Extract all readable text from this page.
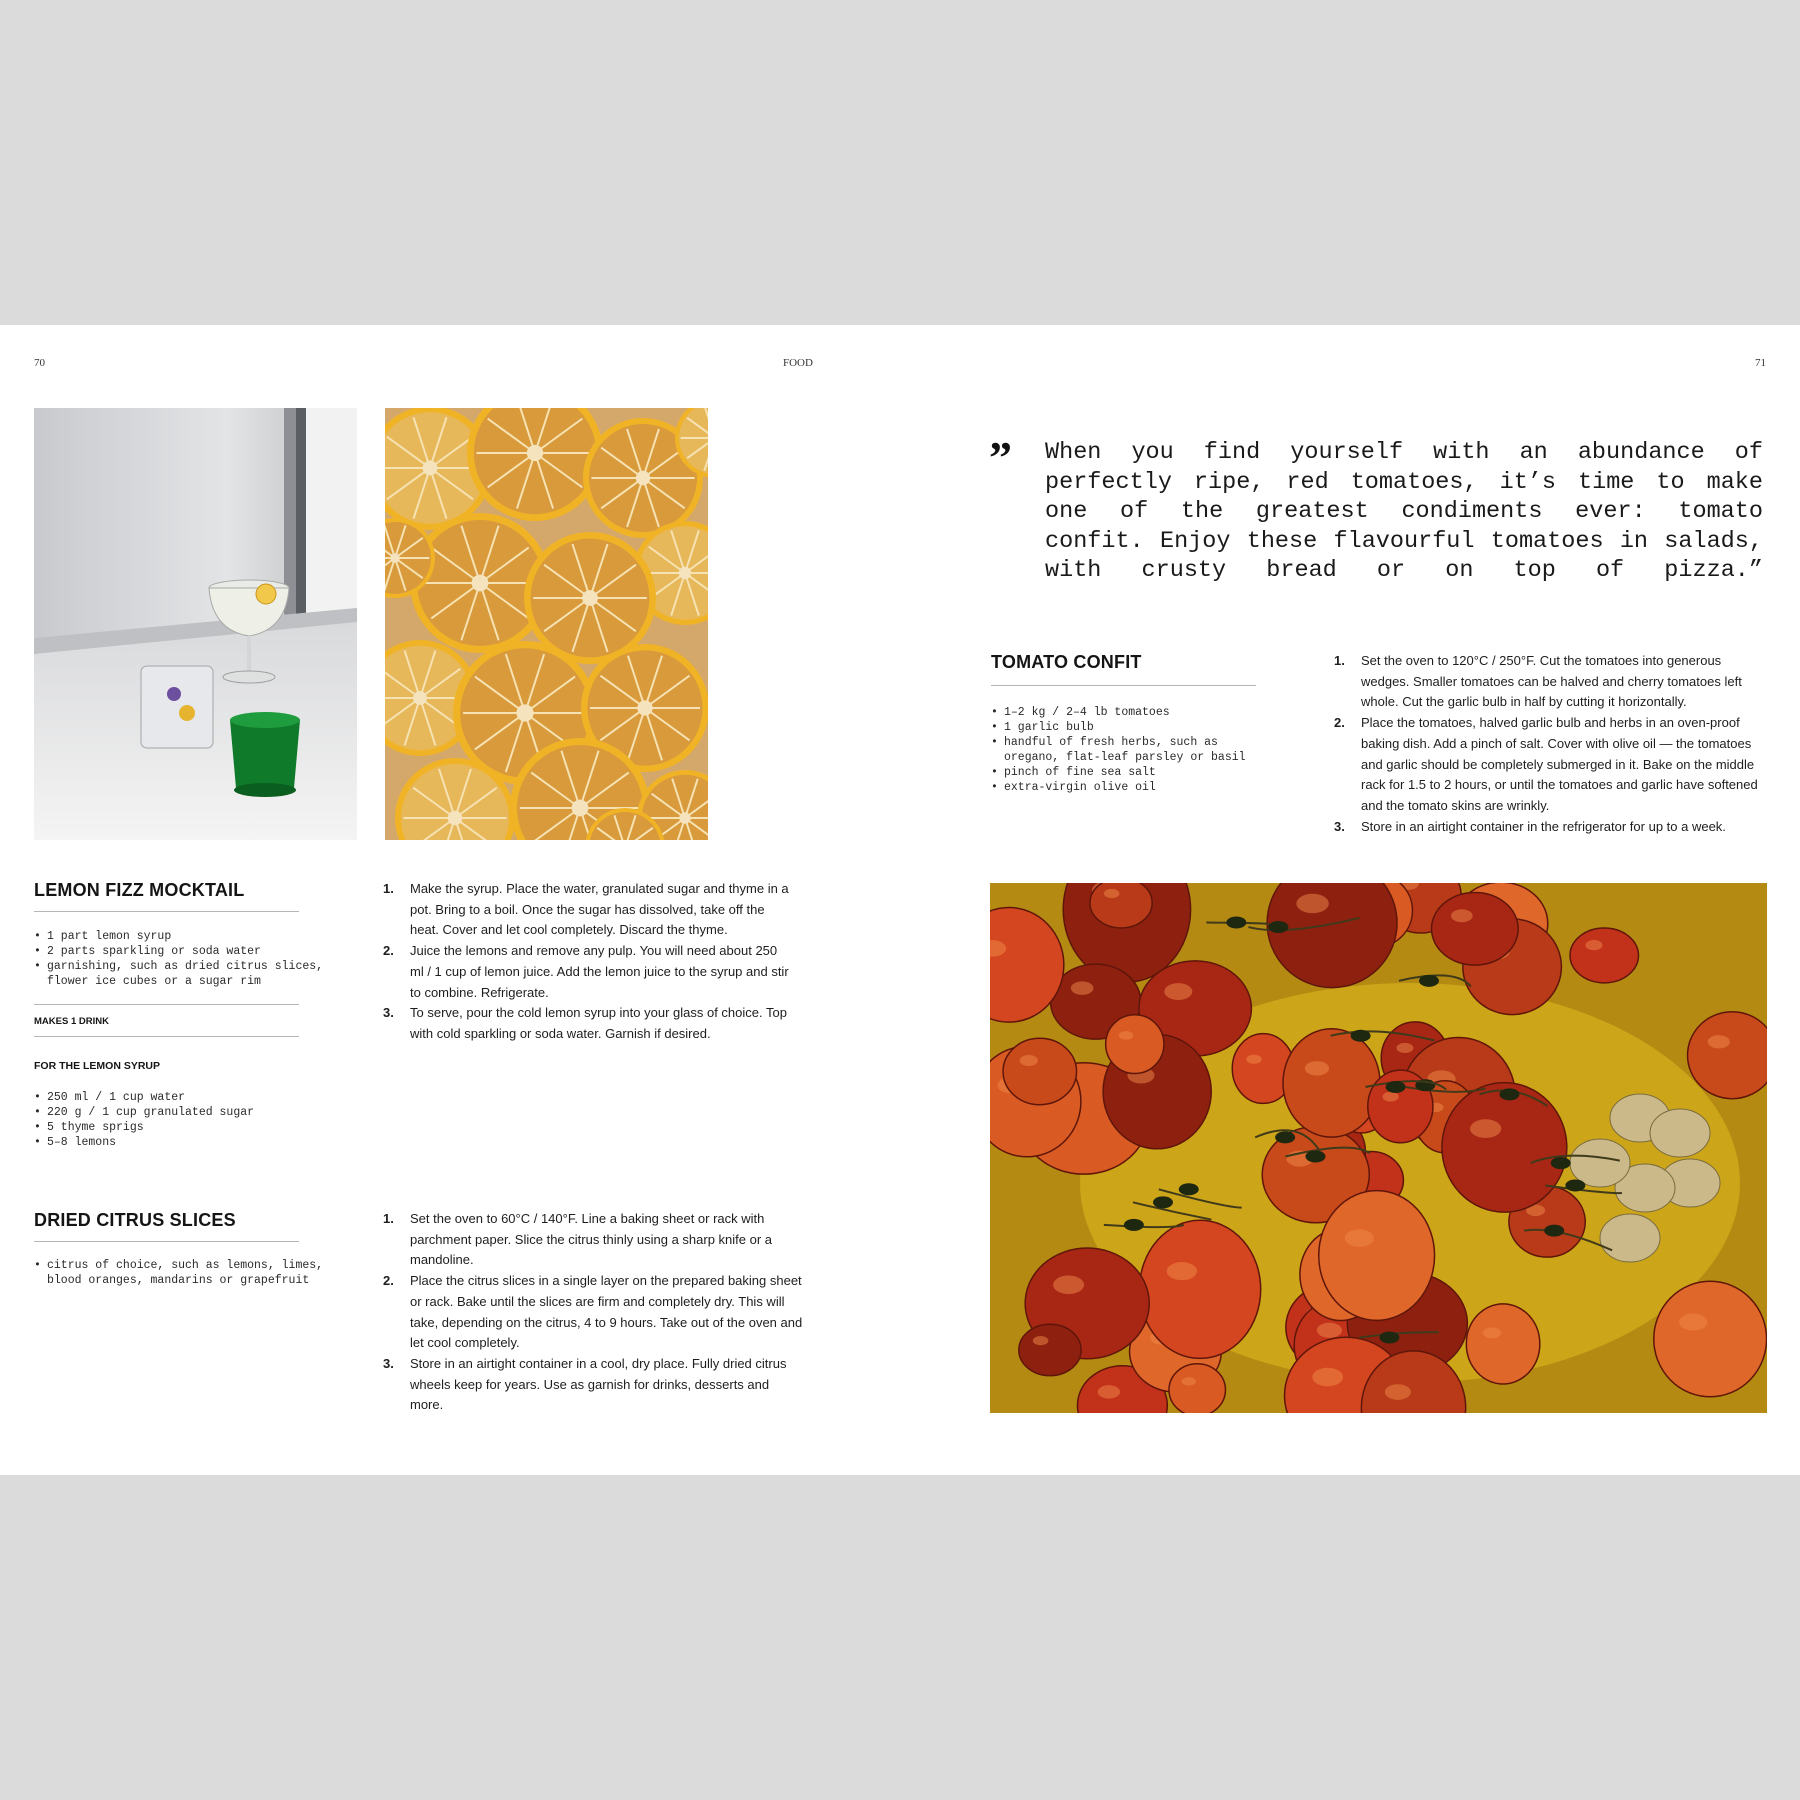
70	FOOD	71
LEMON FIZZ MOCKTAIL
• 1 part lemon syrup
• 2 parts sparkling or soda water
• garnishing, such as dried citrus slices, flower ice cubes or a sugar rim
MAKES 1 DRINK
FOR THE LEMON SYRUP
• 250 ml / 1 cup water
• 220 g / 1 cup granulated sugar
• 5 thyme sprigs
• 5–8 lemons
1. Make the syrup. Place the water, granulated sugar and thyme in a pot. Bring to a boil. Once the sugar has dissolved, take off the heat. Cover and let cool completely. Discard the thyme.
2. Juice the lemons and remove any pulp. You will need about 250 ml / 1 cup of lemon juice. Add the lemon juice to the syrup and stir to combine. Refrigerate.
3. To serve, pour the cold lemon syrup into your glass of choice. Top with cold sparkling or soda water. Garnish if desired.
DRIED CITRUS SLICES
• citrus of choice, such as lemons, limes, blood oranges, mandarins or grapefruit
1. Set the oven to 60°C / 140°F. Line a baking sheet or rack with parchment paper. Slice the citrus thinly using a sharp knife or a mandoline.
2. Place the citrus slices in a single layer on the prepared baking sheet or rack. Bake until the slices are firm and completely dry. This will take, depending on the citrus, 4 to 9 hours. Take out of the oven and let cool completely.
3. Store in an airtight container in a cool, dry place. Fully dried citrus wheels keep for years. Use as garnish for drinks, desserts and more.
” When you find yourself with an abundance of perfectly ripe, red tomatoes, it’s time to make one of the greatest condiments ever: tomato confit. Enjoy these flavourful tomatoes in salads, with crusty bread or on top of pizza.”

TOMATO CONFIT
• 1–2 kg / 2–4 lb tomatoes
• 1 garlic bulb
• handful of fresh herbs, such as oregano, flat-leaf parsley or basil
• pinch of fine sea salt
• extra-virgin olive oil
1. Set the oven to 120°C / 250°F. Cut the tomatoes into generous wedges. Smaller tomatoes can be halved and cherry tomatoes left whole. Cut the garlic bulb in half by cutting it horizontally.
2. Place the tomatoes, halved garlic bulb and herbs in an oven-proof baking dish. Add a pinch of salt. Cover with olive oil — the tomatoes and garlic should be completely submerged in it. Bake on the middle rack for 1.5 to 2 hours, or until the tomatoes and garlic have softened and the tomato skins are wrinkly.
3. Store in an airtight container in the refrigerator for up to a week.
